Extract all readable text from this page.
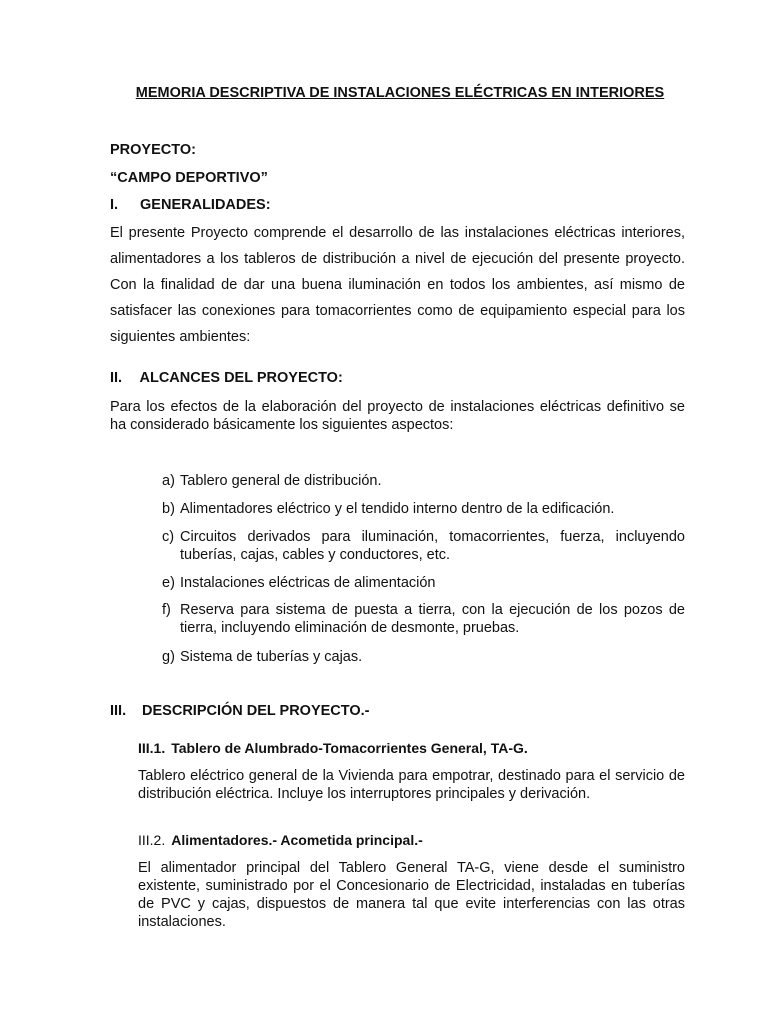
MEMORIA DESCRIPTIVA DE INSTALACIONES ELÉCTRICAS EN INTERIORES
PROYECTO:
“CAMPO DEPORTIVO”
I. GENERALIDADES:

El presente Proyecto comprende el desarrollo de las instalaciones eléctricas interiores, alimentadores a los tableros de distribución a nivel de ejecución del presente proyecto. Con la finalidad de dar una buena iluminación en todos los ambientes, así mismo de satisfacer las conexiones para tomacorrientes como de equipamiento especial para los siguientes ambientes:

II. ALCANCES DEL PROYECTO:

Para los efectos de la elaboración del proyecto de instalaciones eléctricas definitivo se ha considerado básicamente los siguientes aspectos:

a) Tablero general de distribución.
b) Alimentadores eléctrico y el tendido interno dentro de la edificación.
c) Circuitos derivados para iluminación, tomacorrientes, fuerza, incluyendo tuberías, cajas, cables y conductores, etc.
e) Instalaciones eléctricas de alimentación
f) Reserva para sistema de puesta a tierra, con la ejecución de los pozos de tierra, incluyendo eliminación de desmonte, pruebas.
g) Sistema de tuberías y cajas.
III. DESCRIPCIÓN DEL PROYECTO.-
III.1. Tablero de Alumbrado-Tomacorrientes General, TA-G.

Tablero eléctrico general de la Vivienda para empotrar, destinado para el servicio de distribución eléctrica. Incluye los interruptores principales y derivación.

III.2. Alimentadores.- Acometida principal.-

El alimentador principal del Tablero General TA-G, viene desde el suministro existente, suministrado por el Concesionario de Electricidad, instaladas en tuberías de PVC y cajas, dispuestos de manera tal que evite interferencias con las otras instalaciones.
